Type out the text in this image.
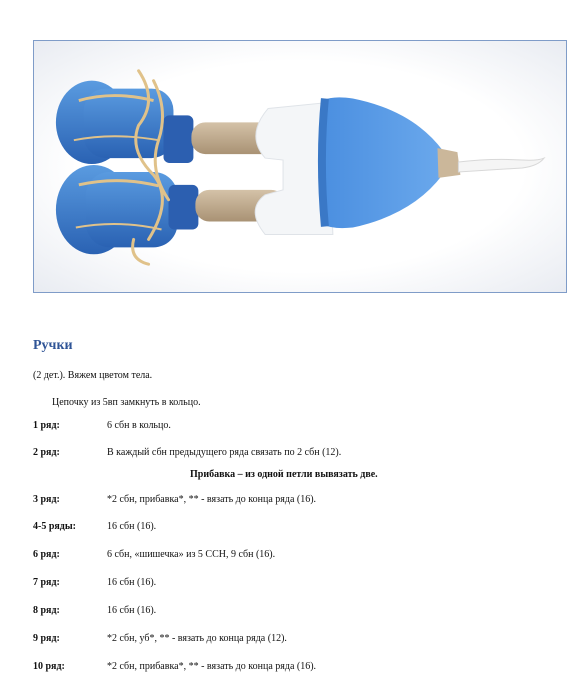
Ручки

(2 дет.). Вяжем цветом тела.

Цепочку из 5вп замкнуть в кольцо.

1 ряд:	6 сбн в кольцо.
2 ряд:	В каждый сбн предыдущего ряда связать по 2 сбн (12).

Прибавка – из одной петли вывязать две.

3 ряд:	*2 сбн, прибавка*, ** - вязать до конца ряда (16).
4-5 ряды:	16 сбн (16).
6 ряд:	6 сбн, «шишечка» из 5 ССН, 9 сбн (16).
7 ряд:	16 сбн (16).
8 ряд:	16 сбн (16).
9 ряд:	*2 сбн, уб*, ** - вязать до конца ряда (12).
10 ряд:	*2 сбн, прибавка*, ** - вязать до конца ряда (16).
